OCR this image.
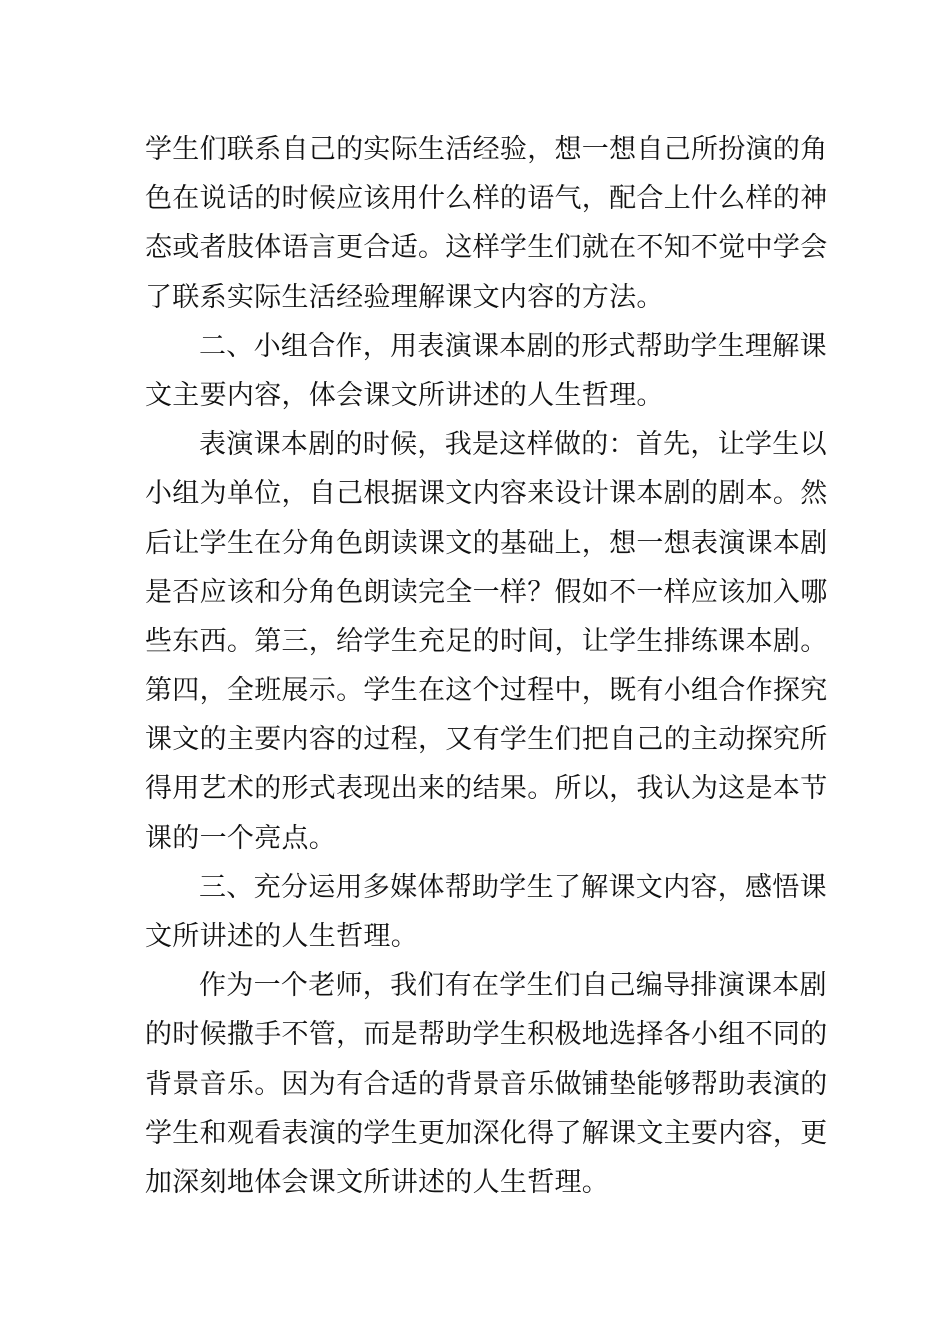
学生们联系自己的实际生活经验，想一想自己所扮演的角
色在说话的时候应该用什么样的语气，配合上什么样的神
态或者肢体语言更合适。这样学生们就在不知不觉中学会
了联系实际生活经验理解课文内容的方法。
二、小组合作，用表演课本剧的形式帮助学生理解课
文主要内容，体会课文所讲述的人生哲理。
表演课本剧的时候，我是这样做的：首先，让学生以
小组为单位，自己根据课文内容来设计课本剧的剧本。然
后让学生在分角色朗读课文的基础上，想一想表演课本剧
是否应该和分角色朗读完全一样？假如不一样应该加入哪
些东西。第三，给学生充足的时间，让学生排练课本剧。
第四，全班展示。学生在这个过程中，既有小组合作探究
课文的主要内容的过程，又有学生们把自己的主动探究所
得用艺术的形式表现出来的结果。所以，我认为这是本节
课的一个亮点。
三、充分运用多媒体帮助学生了解课文内容，感悟课
文所讲述的人生哲理。
作为一个老师，我们有在学生们自己编导排演课本剧
的时候撒手不管，而是帮助学生积极地选择各小组不同的
背景音乐。因为有合适的背景音乐做铺垫能够帮助表演的
学生和观看表演的学生更加深化得了解课文主要内容，更
加深刻地体会课文所讲述的人生哲理。
